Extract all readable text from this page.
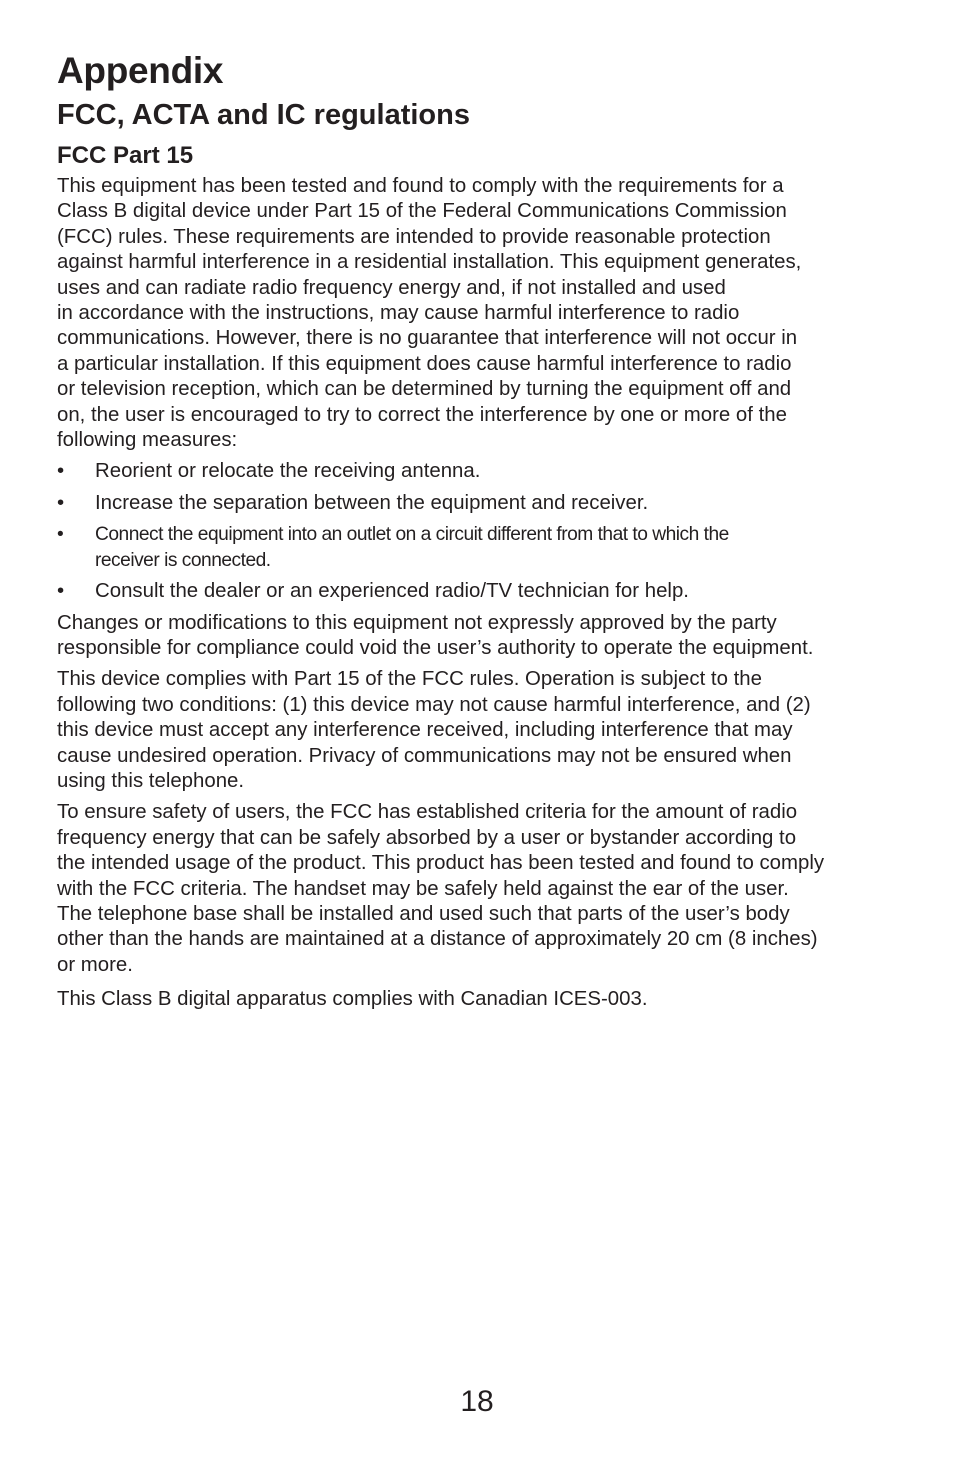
Appendix
FCC, ACTA and IC regulations
FCC Part 15

This equipment has been tested and found to comply with the requirements for a
Class B digital device under Part 15 of the Federal Communications Commission
(FCC) rules. These requirements are intended to provide reasonable protection
against harmful interference in a residential installation. This equipment generates,
uses and can radiate radio frequency energy and, if not installed and used
in accordance with the instructions, may cause harmful interference to radio
communications. However, there is no guarantee that interference will not occur in
a particular installation. If this equipment does cause harmful interference to radio
or television reception, which can be determined by turning the equipment off and
on, the user is encouraged to try to correct the interference by one or more of the
following measures:

• Reorient or relocate the receiving antenna.
• Increase the separation between the equipment and receiver.
• Connect the equipment into an outlet on a circuit different from that to which the
receiver is connected.
• Consult the dealer or an experienced radio/TV technician for help.

Changes or modifications to this equipment not expressly approved by the party
responsible for compliance could void the user’s authority to operate the equipment.

This device complies with Part 15 of the FCC rules. Operation is subject to the
following two conditions: (1) this device may not cause harmful interference, and (2)
this device must accept any interference received, including interference that may
cause undesired operation. Privacy of communications may not be ensured when
using this telephone.

To ensure safety of users, the FCC has established criteria for the amount of radio
frequency energy that can be safely absorbed by a user or bystander according to
the intended usage of the product. This product has been tested and found to comply
with the FCC criteria. The handset may be safely held against the ear of the user.
The telephone base shall be installed and used such that parts of the user’s body
other than the hands are maintained at a distance of approximately 20 cm (8 inches)
or more.

This Class B digital apparatus complies with Canadian ICES-003.

18
